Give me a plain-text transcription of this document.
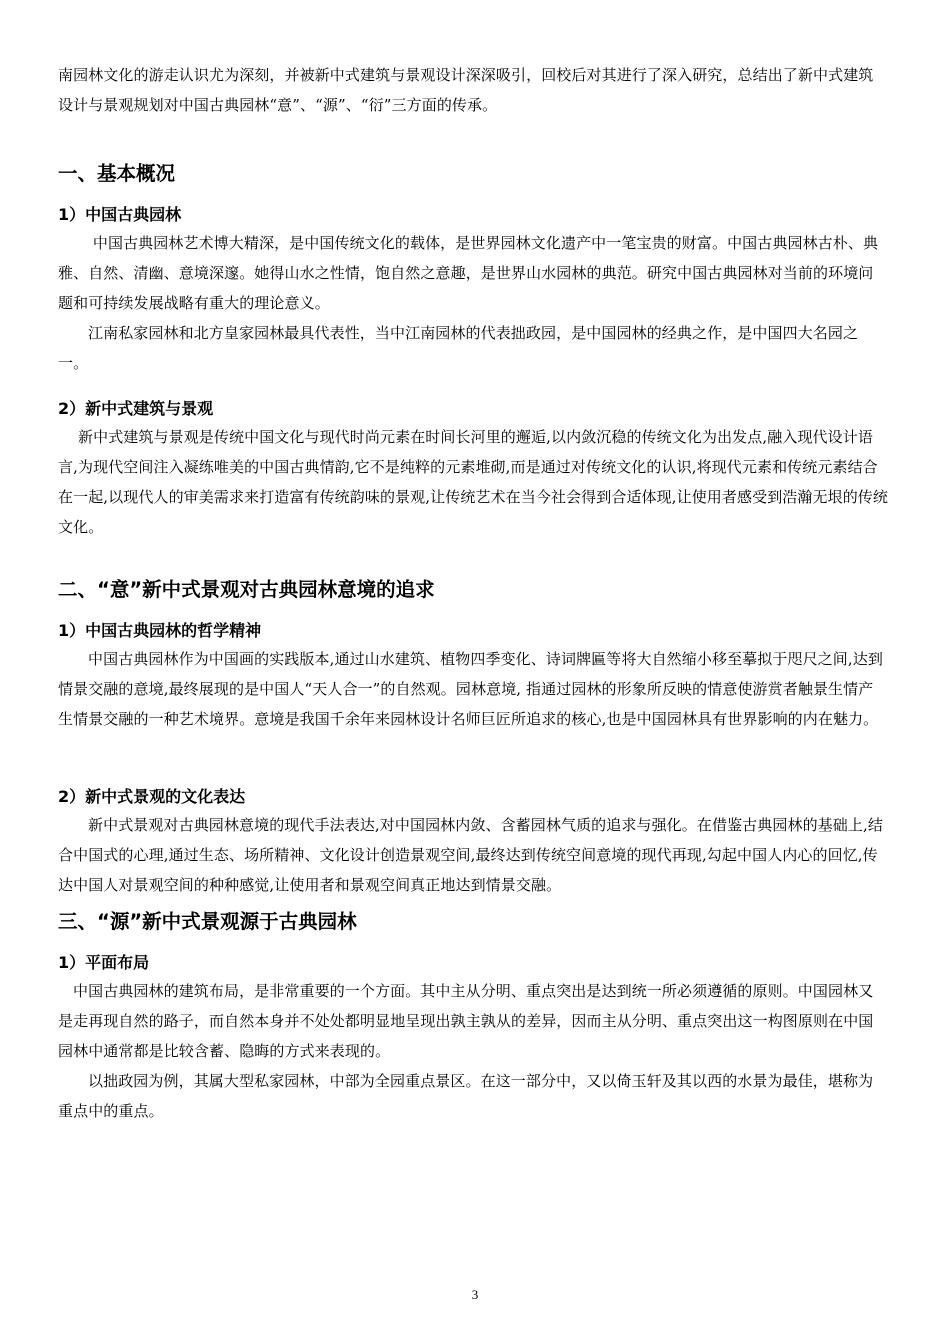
南园林文化的游走认识尤为深刻，并被新中式建筑与景观设计深深吸引，回校后对其进行了深入研究，总结出了新中式建筑设计与景观规划对中国古典园林“意”、“源”、“衍”三方面的传承。

一、基本概况
1）中国古典园林

中国古典园林艺术博大精深，是中国传统文化的载体，是世界园林文化遗产中一笔宝贵的财富。中国古典园林古朴、典雅、自然、清幽、意境深邃。她得山水之性情，饱自然之意趣，是世界山水园林的典范。研究中国古典园林对当前的环境问题和可持续发展战略有重大的理论意义。

江南私家园林和北方皇家园林最具代表性，当中江南园林的代表拙政园，是中国园林的经典之作，是中国四大名园之一。

2）新中式建筑与景观

新中式建筑与景观是传统中国文化与现代时尚元素在时间长河里的邂逅,以内敛沉稳的传统文化为出发点,融入现代设计语言,为现代空间注入凝练唯美的中国古典情韵,它不是纯粹的元素堆砌,而是通过对传统文化的认识,将现代元素和传统元素结合在一起,以现代人的审美需求来打造富有传统韵味的景观,让传统艺术在当今社会得到合适体现,让使用者感受到浩瀚无垠的传统文化。

二、“意”新中式景观对古典园林意境的追求
1）中国古典园林的哲学精神

中国古典园林作为中国画的实践版本,通过山水建筑、植物四季变化、诗词牌匾等将大自然缩小移至摹拟于咫尺之间,达到情景交融的意境,最终展现的是中国人“天人合一”的自然观。园林意境, 指通过园林的形象所反映的情意使游赏者触景生情产生情景交融的一种艺术境界。意境是我国千余年来园林设计名师巨匠所追求的核心,也是中国园林具有世界影响的内在魅力。

2）新中式景观的文化表达

新中式景观对古典园林意境的现代手法表达,对中国园林内敛、含蓄园林气质的追求与强化。在借鉴古典园林的基础上,结合中国式的心理,通过生态、场所精神、文化设计创造景观空间,最终达到传统空间意境的现代再现,勾起中国人内心的回忆,传达中国人对景观空间的种种感觉,让使用者和景观空间真正地达到情景交融。

三、“源”新中式景观源于古典园林
1）平面布局

中国古典园林的建筑布局，是非常重要的一个方面。其中主从分明、重点突出是达到统一所必须遵循的原则。中国园林又是走再现自然的路子，而自然本身并不处处都明显地呈现出孰主孰从的差异，因而主从分明、重点突出这一构图原则在中国园林中通常都是比较含蓄、隐晦的方式来表现的。

以拙政园为例，其属大型私家园林，中部为全园重点景区。在这一部分中，又以倚玉轩及其以西的水景为最佳，堪称为重点中的重点。

3
